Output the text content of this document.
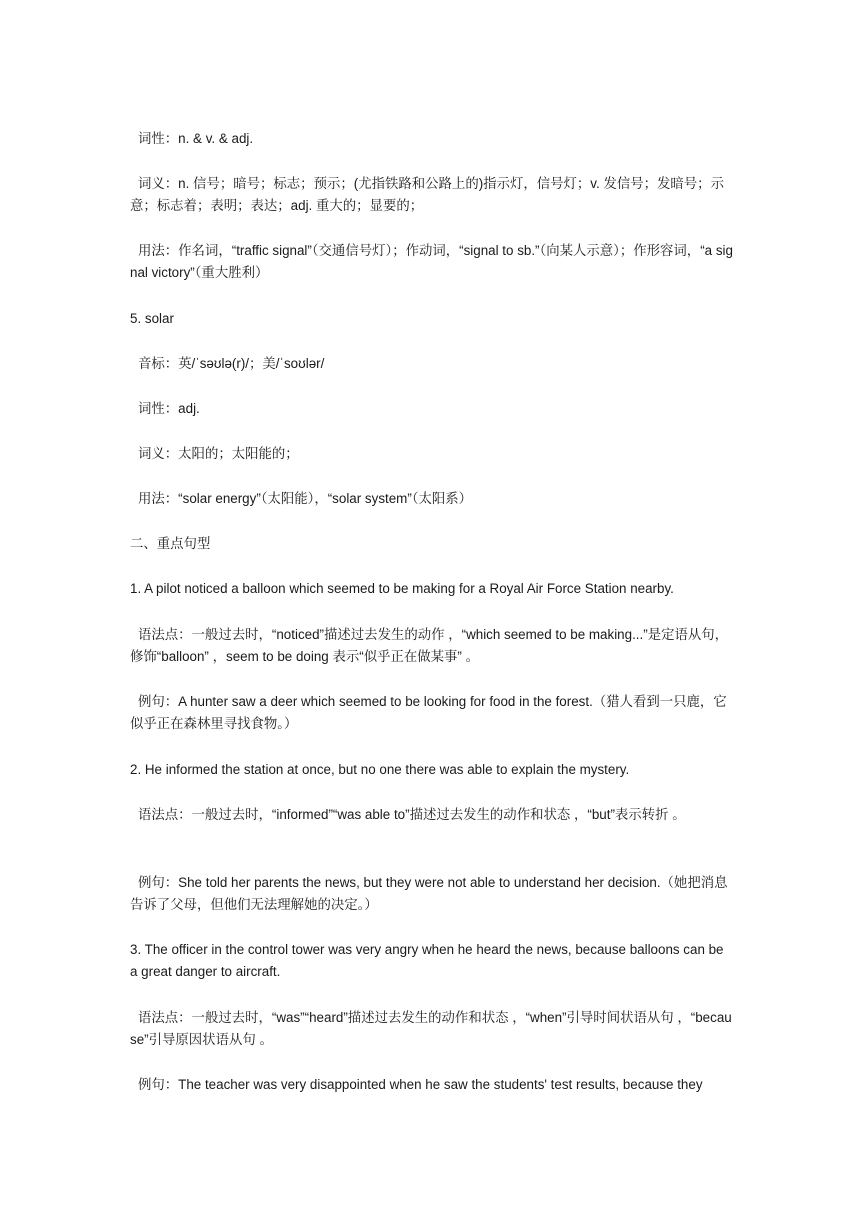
词性：n. & v. & adj.

词义：n. 信号；暗号；标志；预示；(尤指铁路和公路上的)指示灯，信号灯；v. 发信号；发暗号；示意；标志着；表明；表达；adj. 重大的；显要的；

用法：作名词，“traffic signal”（交通信号灯）；作动词，“signal to sb.”（向某人示意）；作形容词，“a signal victory”（重大胜利）

5. solar

音标：英/ˈsəʊlə(r)/；美/ˈsoʊlər/

词性：adj.

词义：太阳的；太阳能的；

用法：“solar energy”（太阳能），“solar system”（太阳系）

二、重点句型

1. A pilot noticed a balloon which seemed to be making for a Royal Air Force Station nearby.

语法点：一般过去时，“noticed”描述过去发生的动作 ，“which seemed to be making...”是定语从句，修饰“balloon” ，seem to be doing 表示“似乎正在做某事” 。

例句：A hunter saw a deer which seemed to be looking for food in the forest.（猎人看到一只鹿，它似乎正在森林里寻找食物。）

2. He informed the station at once, but no one there was able to explain the mystery.

语法点：一般过去时，“informed”“was able to”描述过去发生的动作和状态 ，“but”表示转折 。

例句：She told her parents the news, but they were not able to understand her decision.（她把消息告诉了父母，但他们无法理解她的决定。）

3. The officer in the control tower was very angry when he heard the news, because balloons can be a great danger to aircraft.

语法点：一般过去时，“was”“heard”描述过去发生的动作和状态 ，“when”引导时间状语从句 ，“because”引导原因状语从句 。

例句：The teacher was very disappointed when he saw the students' test results, because they
